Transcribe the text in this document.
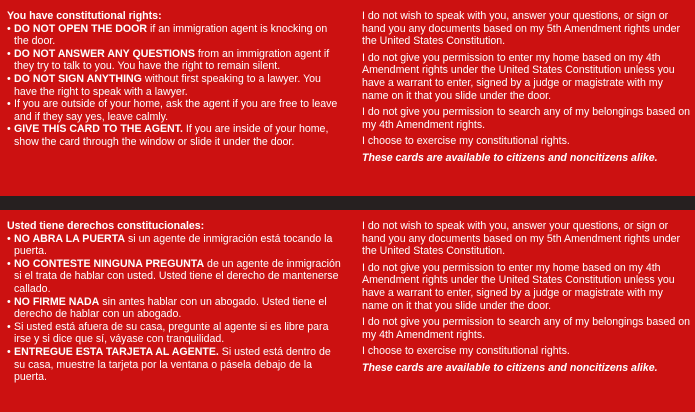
You have constitutional rights:
• DO NOT OPEN THE DOOR if an immigration agent is knocking on the door.
• DO NOT ANSWER ANY QUESTIONS from an immigration agent if they try to talk to you. You have the right to remain silent.
• DO NOT SIGN ANYTHING without first speaking to a lawyer. You have the right to speak with a lawyer.
• If you are outside of your home, ask the agent if you are free to leave and if they say yes, leave calmly.
• GIVE THIS CARD TO THE AGENT. If you are inside of your home, show the card through the window or slide it under the door.

I do not wish to speak with you, answer your questions, or sign or hand you any documents based on my 5th Amendment rights under the United States Constitution.

I do not give you permission to enter my home based on my 4th Amendment rights under the United States Constitution unless you have a warrant to enter, signed by a judge or magistrate with my name on it that you slide under the door.

I do not give you permission to search any of my belongings based on my 4th Amendment rights.

I choose to exercise my constitutional rights.

These cards are available to citizens and noncitizens alike.

Usted tiene derechos constitucionales:
• NO ABRA LA PUERTA si un agente de inmigración está tocando la puerta.
• NO CONTESTE NINGUNA PREGUNTA de un agente de inmigración si el trata de hablar con usted. Usted tiene el derecho de mantenerse callado.
• NO FIRME NADA sin antes hablar con un abogado. Usted tiene el derecho de hablar con un abogado.
• Si usted está afuera de su casa, pregunte al agente si es libre para irse y si dice que sí, váyase con tranquilidad.
• ENTREGUE ESTA TARJETA AL AGENTE. Si usted está dentro de su casa, muestre la tarjeta por la ventana o pásela debajo de la puerta.

I do not wish to speak with you, answer your questions, or sign or hand you any documents based on my 5th Amendment rights under the United States Constitution.

I do not give you permission to enter my home based on my 4th Amendment rights under the United States Constitution unless you have a warrant to enter, signed by a judge or magistrate with my name on it that you slide under the door.

I do not give you permission to search any of my belongings based on my 4th Amendment rights.

I choose to exercise my constitutional rights.

These cards are available to citizens and noncitizens alike.
